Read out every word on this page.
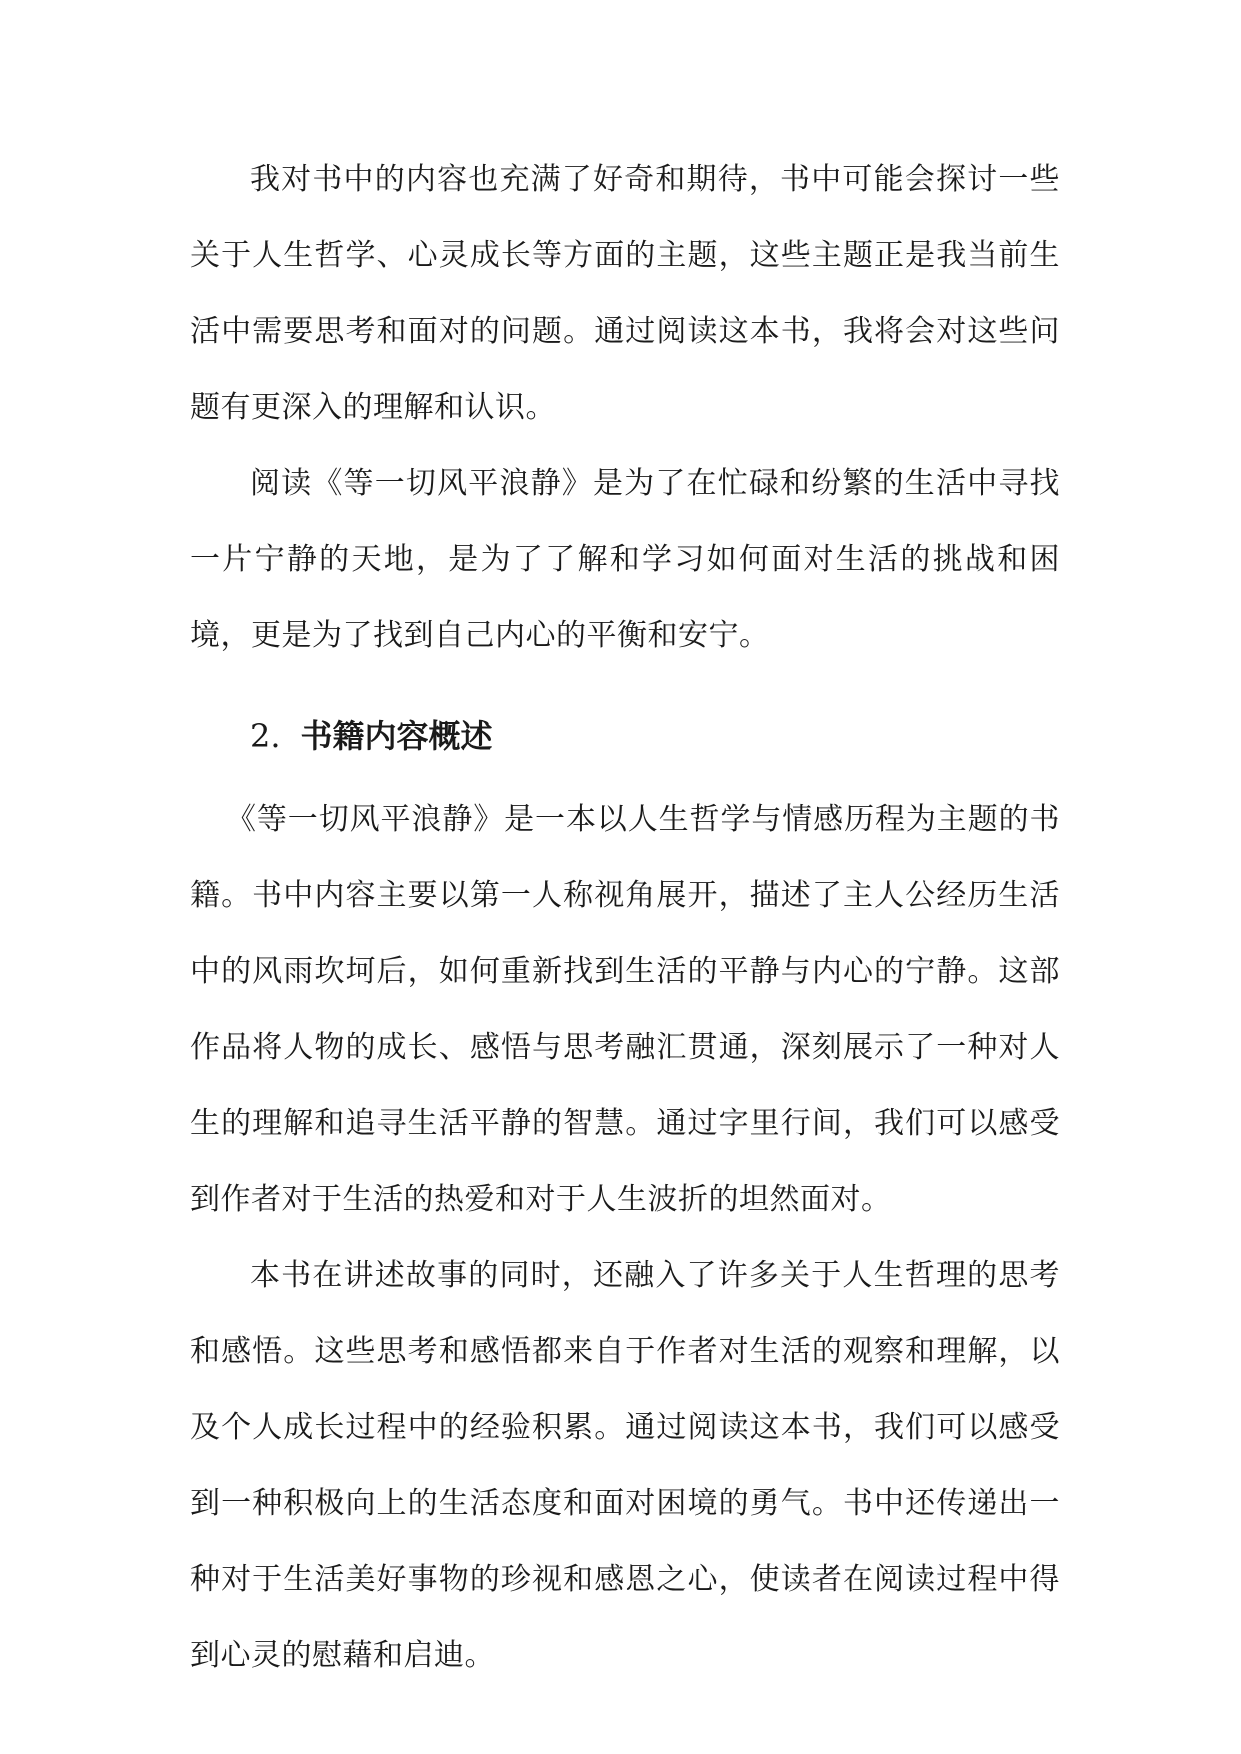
我对书中的内容也充满了好奇和期待，书中可能会探讨一些关于人生哲学、心灵成长等方面的主题，这些主题正是我当前生活中需要思考和面对的问题。通过阅读这本书，我将会对这些问题有更深入的理解和认识。

阅读《等一切风平浪静》是为了在忙碌和纷繁的生活中寻找一片宁静的天地，是为了了解和学习如何面对生活的挑战和困境，更是为了找到自己内心的平衡和安宁。

2. 书籍内容概述

《等一切风平浪静》是一本以人生哲学与情感历程为主题的书籍。书中内容主要以第一人称视角展开，描述了主人公经历生活中的风雨坎坷后，如何重新找到生活的平静与内心的宁静。这部作品将人物的成长、感悟与思考融汇贯通，深刻展示了一种对人生的理解和追寻生活平静的智慧。通过字里行间，我们可以感受到作者对于生活的热爱和对于人生波折的坦然面对。

本书在讲述故事的同时，还融入了许多关于人生哲理的思考和感悟。这些思考和感悟都来自于作者对生活的观察和理解，以及个人成长过程中的经验积累。通过阅读这本书，我们可以感受到一种积极向上的生活态度和面对困境的勇气。书中还传递出一种对于生活美好事物的珍视和感恩之心，使读者在阅读过程中得到心灵的慰藉和启迪。
